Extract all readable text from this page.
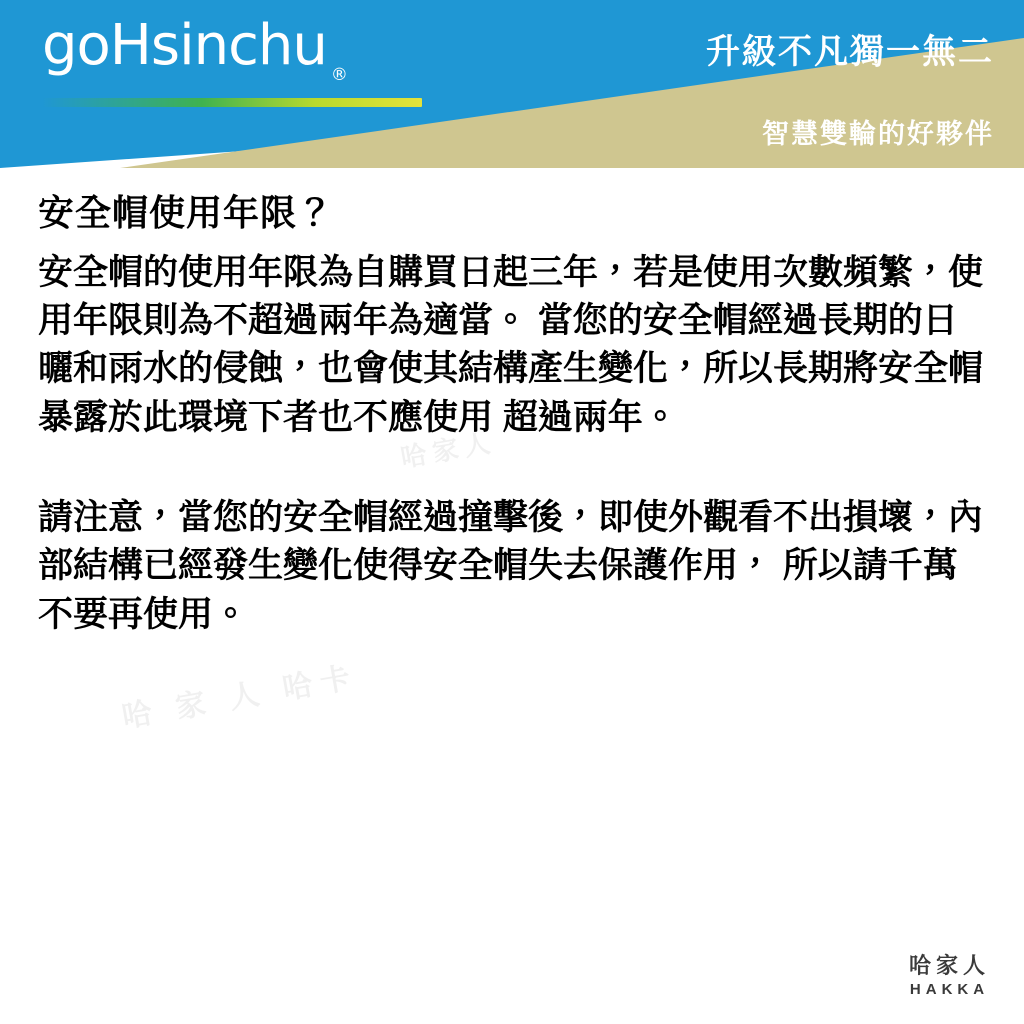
goHsinchu $_®$
升級不凡獨一無二
智慧雙輪的好夥伴
安全帽使用年限？

安全帽的使用年限為自購買日起三年，若是使用次數頻繁，使用年限則為不超過兩年為適當。 當您的安全帽經過長期的日曬和雨水的侵蝕，也會使其結構產生變化，所以長期將安全帽暴露於此環境下者也不應使用 超過兩年。

請注意，當您的安全帽經過撞擊後，即使外觀看不出損壞，內部結構已經發生變化使得安全帽失去保護作用， 所以請千萬不要再使用。

哈家人
哈 家 人 哈卡
哈家人
HAKKA
